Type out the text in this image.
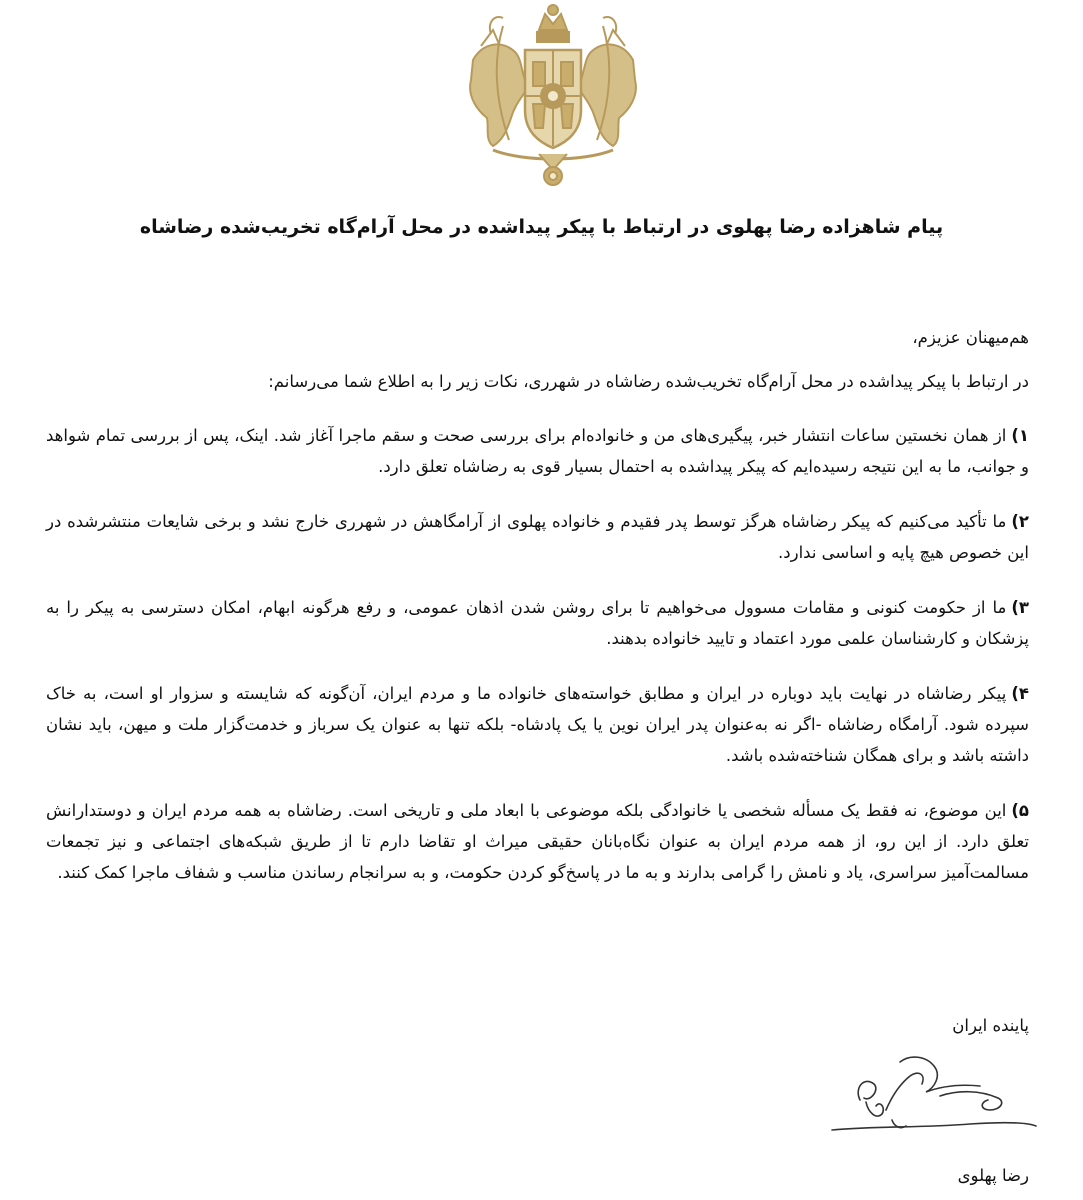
پیام شاهزاده رضا پهلوی در ارتباط با پیکر پیداشده در محل آرام‌گاه تخریب‌شده رضاشاه

هم‌میهنان عزیزم،

در ارتباط با پیکر پیداشده در محل آرام‌گاه تخریب‌شده رضاشاه در شهرری، نکات زیر را به اطلاع شما می‌رسانم:

۱)از همان نخستین ساعات انتشار خبر، پیگیری‌های من و خانواده‌ام برای بررسی صحت و سقم ماجرا آغاز شد. اینک، پس از بررسی تمام شواهد و جوانب، ما به این نتیجه رسیده‌ایم که پیکر پیداشده به احتمال بسیار قوی به رضاشاه تعلق دارد.

۲)ما تأکید می‌کنیم که پیکر رضاشاه هرگز توسط پدر فقیدم و خانواده پهلوی از آرامگاهش در شهرری خارج نشد و برخی شایعات منتشرشده در این خصوص هیچ پایه و اساسی ندارد.

۳)ما از حکومت کنونی و مقامات مسوول می‌خواهیم تا برای روشن شدن اذهان عمومی، و رفع هرگونه ابهام، امکان دسترسی به پیکر را به پزشکان و کارشناسان علمی مورد اعتماد و تایید خانواده بدهند.

۴)پیکر رضاشاه در نهایت باید دوباره در ایران و مطابق خواسته‌های خانواده ما و مردم ایران، آن‌گونه که شایسته و سزوار او است، به خاک سپرده شود. آرامگاه رضاشاه -اگر نه به‌عنوان پدر ایران نوین یا یک پادشاه- بلکه تنها به عنوان یک سرباز و خدمت‌گزار ملت و میهن، باید نشان داشته باشد و برای همگان شناخته‌شده باشد.

۵)این موضوع، نه فقط یک مسأله شخصی یا خانوادگی بلکه موضوعی با ابعاد ملی و تاریخی است. رضاشاه به همه مردم ایران و دوستدارانش تعلق دارد. از این رو، از همه مردم ایران به عنوان نگاه‌بانان حقیقی میراث او تقاضا دارم تا از طریق شبکه‌های اجتماعی و نیز تجمعات مسالمت‌آمیز سراسری، یاد و نامش را گرامی بدارند و به ما در پاسخ‌گو کردن حکومت، و به سرانجام رساندن مناسب و شفاف ماجرا کمک کنند.

پاینده ایران

رضا پهلوی
